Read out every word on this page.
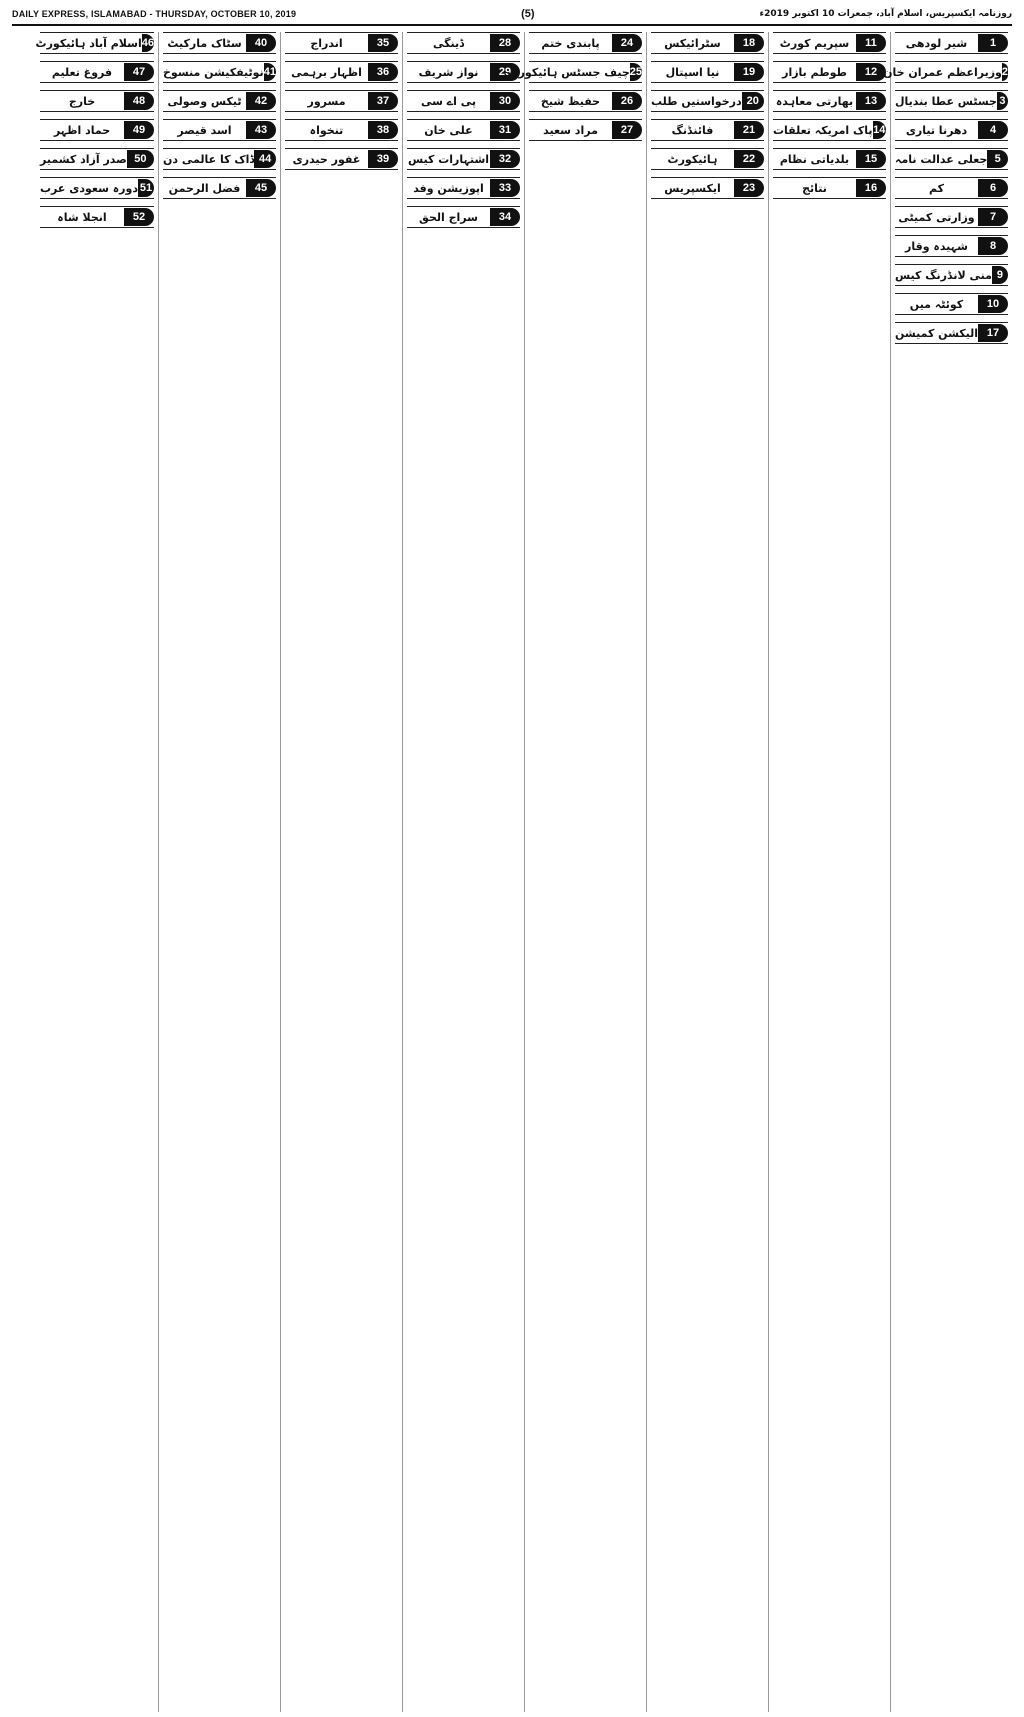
DAILY EXPRESS, ISLAMABAD - THURSDAY, OCTOBER 10, 2019	(5)	روزنامہ ایکسپریس، اسلام آباد، جمعرات 10 اکتوبر 2019ء
1
شیر لودھی
2
وزیراعظم عمران خان
3
جسٹس عطا بندیال
4
دھرنا تیاری
5
جعلی عدالت نامہ
6
کم
7
وزارتی کمیٹی
8
شہیدہ وقار
9
منی لانڈرنگ کیس
10
کوئٹہ میں
17
الیکشن کمیشن
11
سپریم کورٹ
12
طوطم بازار
13
بھارتی معاہدہ
14
پاک امریکہ تعلقات
15
بلدیاتی نظام
16
نتائج
18
سٹرائیکس
19
نیا اسپتال
20
درخواستیں طلب
21
فائنڈنگ
22
ہائیکورٹ
23
ایکسپریس
24
پابندی ختم
25
چیف جسٹس ہائیکورٹ
26
حفیظ شیخ
27
مراد سعید
28
ڈینگی
29
نواز شریف
30
پی اے سی
31
علی خان
32
اشتہارات کیس
33
اپوزیشن وفد
34
سراج الحق
35
اندراج
36
اظہار برہمی
37
مسرور
38
تنخواہ
39
غفور حیدری
40
سٹاک مارکیٹ
41
نوٹیفکیشن منسوخ
42
ٹیکس وصولی
43
اسد قیصر
44
ڈاک کا عالمی دن
45
فضل الرحمن
46
اسلام آباد ہائیکورٹ
47
فروغ تعلیم
48
خارج
49
حماد اظہر
50
صدر آزاد کشمیر
51
دورہ سعودی عرب
52
انجلا شاہ
